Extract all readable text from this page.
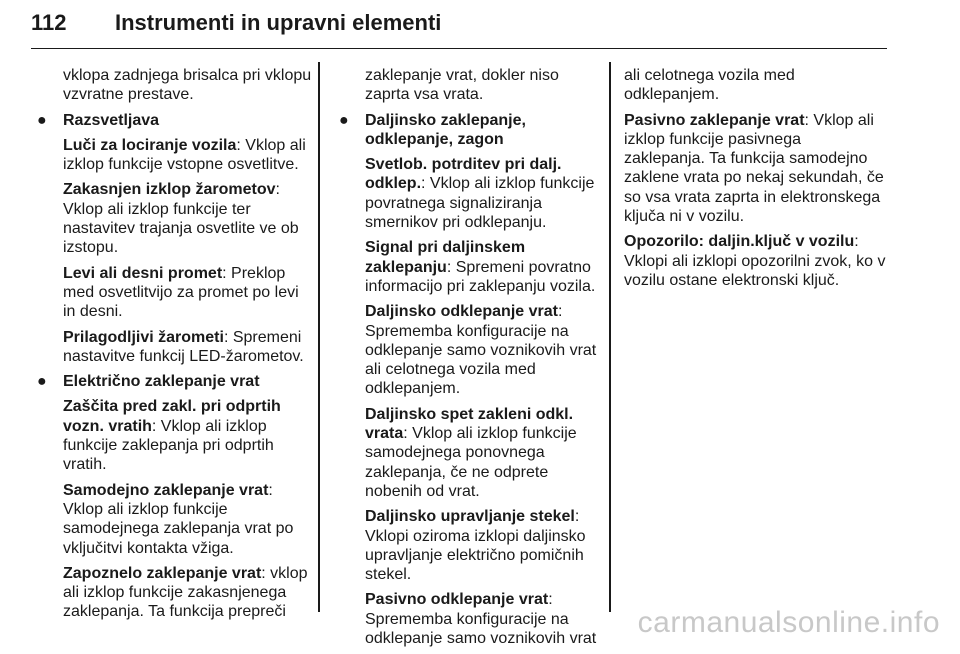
112 Instrumenti in upravni elementi

vklopa zadnjega brisalca pri vklopu vzvratne prestave.

● Razsvetljava

Luči za lociranje vozila: Vklop ali izklop funkcije vstopne osvetlitve.

Zakasnjen izklop žarometov: Vklop ali izklop funkcije ter nastavitev trajanja osvetlite ve ob izstopu.

Levi ali desni promet: Preklop med osvetlitvijo za promet po levi in desni.

Prilagodljivi žarometi: Spremeni nastavitve funkcij LED-žarometov.

● Električno zaklepanje vrat

Zaščita pred zakl. pri odprtih vozn. vratih: Vklop ali izklop funkcije zaklepanja pri odprtih vratih.

Samodejno zaklepanje vrat: Vklop ali izklop funkcije samodejnega zaklepanja vrat po vključitvi kontakta vžiga.

Zapoznelo zaklepanje vrat: vklop ali izklop funkcije zakasnjenega zaklepanja. Ta funkcija prepreči

zaklepanje vrat, dokler niso zaprta vsa vrata.

● Daljinsko zaklepanje, odklepanje, zagon

Svetlob. potrditev pri dalj. odklep.: Vklop ali izklop funkcije povratnega signaliziranja smernikov pri odklepanju.

Signal pri daljinskem zaklepanju: Spremeni povratno informacijo pri zaklepanju vozila.

Daljinsko odklepanje vrat: Sprememba konfiguracije na odklepanje samo voznikovih vrat ali celotnega vozila med odklepanjem.

Daljinsko spet zakleni odkl. vrata: Vklop ali izklop funkcije samodejnega ponovnega zaklepanja, če ne odprete nobenih od vrat.

Daljinsko upravljanje stekel: Vklopi oziroma izklopi daljinsko upravljanje električno pomičnih stekel.

Pasivno odklepanje vrat: Sprememba konfiguracije na odklepanje samo voznikovih vrat

ali celotnega vozila med odklepanjem.

Pasivno zaklepanje vrat: Vklop ali izklop funkcije pasivnega zaklepanja. Ta funkcija samodejno zaklene vrata po nekaj sekundah, če so vsa vrata zaprta in elektronskega ključa ni v vozilu.

Opozorilo: daljin.ključ v vozilu: Vklopi ali izklopi opozorilni zvok, ko v vozilu ostane elektronski ključ.

carmanualsonline.info
